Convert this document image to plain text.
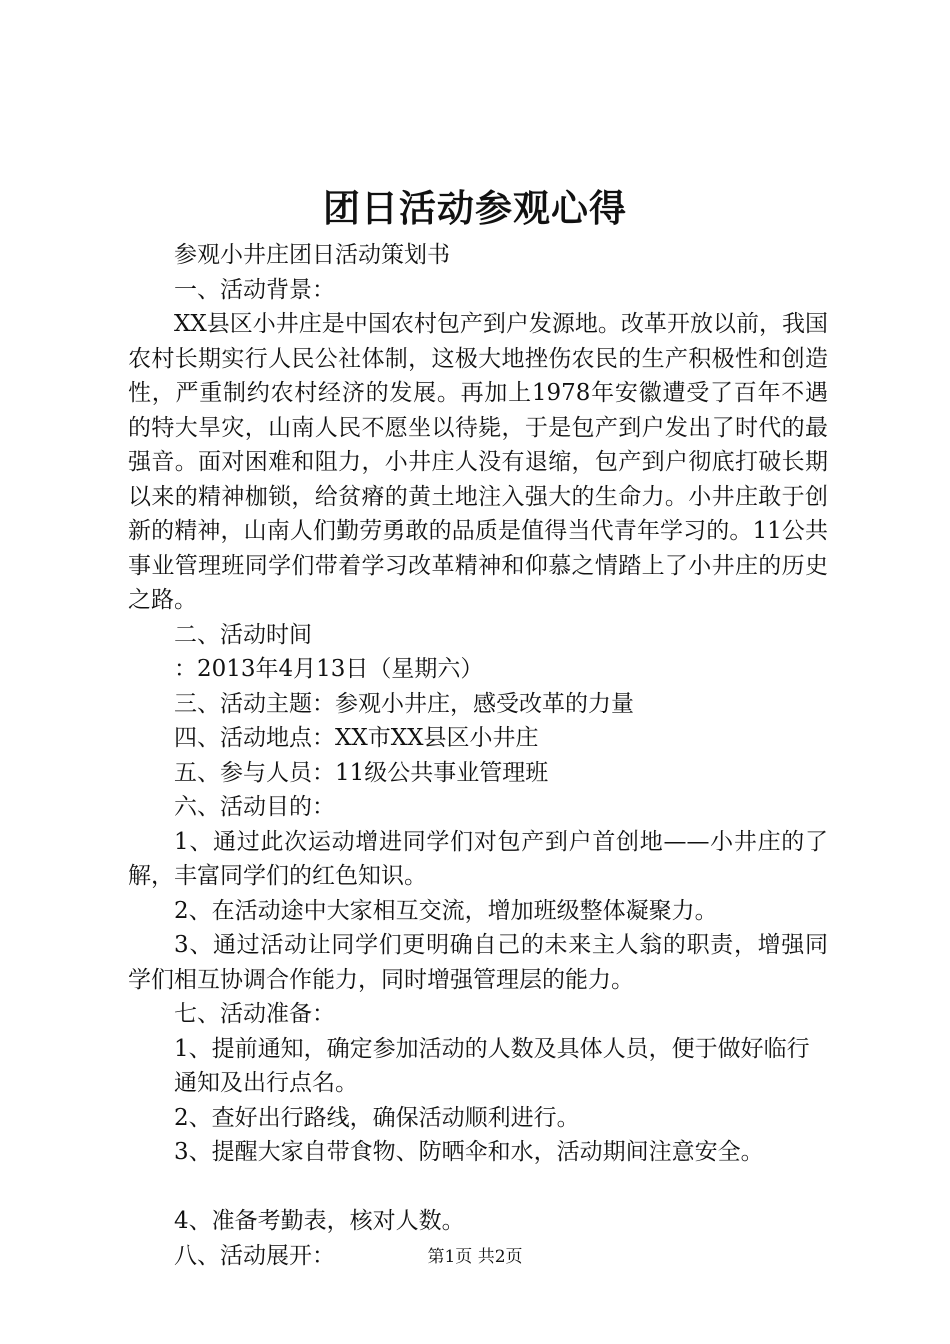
团日活动参观心得

参观小井庄团日活动策划书

一、活动背景：

XX县区小井庄是中国农村包产到户发源地。改革开放以前，我国农村长期实行人民公社体制，这极大地挫伤农民的生产积极性和创造性，严重制约农村经济的发展。再加上1978年安徽遭受了百年不遇的特大旱灾，山南人民不愿坐以待毙，于是包产到户发出了时代的最强音。面对困难和阻力，小井庄人没有退缩，包产到户彻底打破长期以来的精神枷锁，给贫瘠的黄土地注入强大的生命力。小井庄敢于创新的精神，山南人们勤劳勇敢的品质是值得当代青年学习的。11公共事业管理班同学们带着学习改革精神和仰慕之情踏上了小井庄的历史之路。

二、活动时间

：2013年4月13日（星期六）

三、活动主题：参观小井庄，感受改革的力量

四、活动地点：XX市XX县区小井庄

五、参与人员：11级公共事业管理班

六、活动目的：

1、通过此次运动增进同学们对包产到户首创地——小井庄的了解，丰富同学们的红色知识。

2、在活动途中大家相互交流，增加班级整体凝聚力。

3、通过活动让同学们更明确自己的未来主人翁的职责，增强同学们相互协调合作能力，同时增强管理层的能力。

七、活动准备：

1、提前通知，确定参加活动的人数及具体人员，便于做好临行

通知及出行点名。

2、查好出行路线，确保活动顺利进行。

3、提醒大家自带食物、防晒伞和水，活动期间注意安全。

4、准备考勤表，核对人数。

八、活动展开：	第1页 共2页
